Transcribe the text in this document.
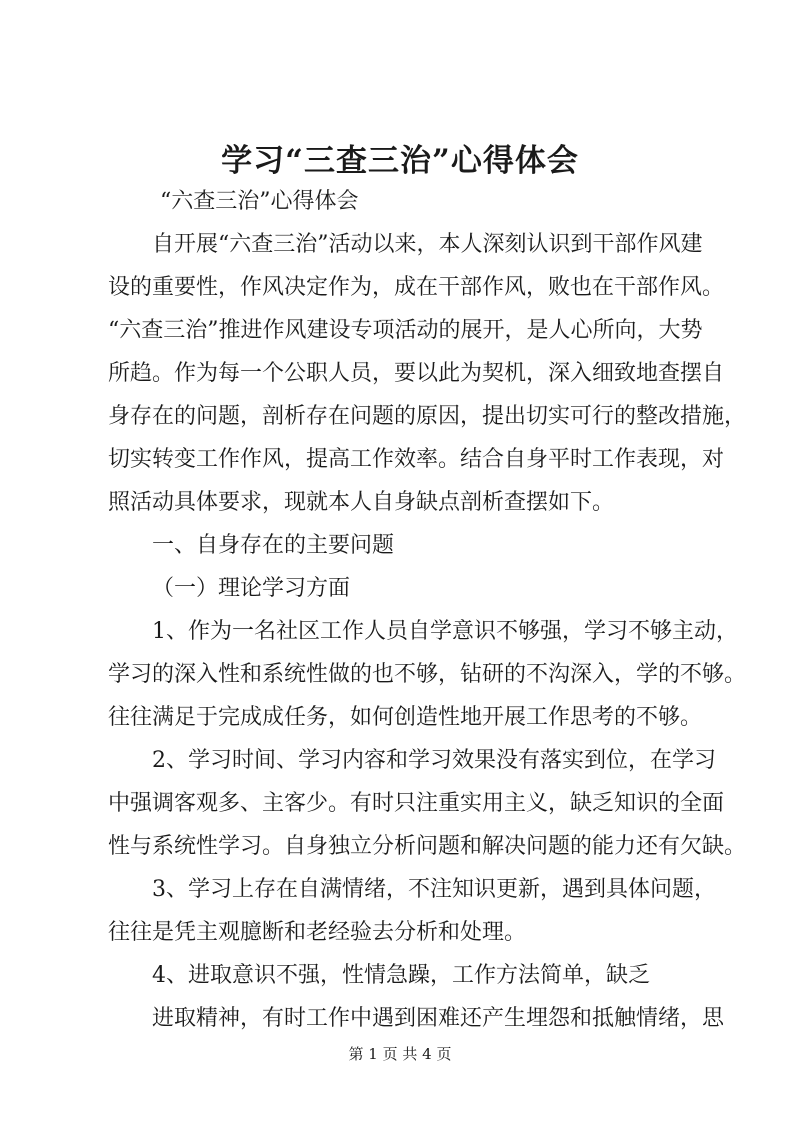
学习“三查三治”心得体会

“六查三治”心得体会

自开展“六查三治”活动以来，本人深刻认识到干部作风建

设的重要性，作风决定作为，成在干部作风，败也在干部作风。

“六查三治”推进作风建设专项活动的展开，是人心所向，大势

所趋。作为每一个公职人员，要以此为契机，深入细致地查摆自

身存在的问题，剖析存在问题的原因，提出切实可行的整改措施，

切实转变工作作风，提高工作效率。结合自身平时工作表现，对

照活动具体要求，现就本人自身缺点剖析查摆如下。

一、自身存在的主要问题

（一）理论学习方面

1、作为一名社区工作人员自学意识不够强，学习不够主动，

学习的深入性和系统性做的也不够，钻研的不沟深入，学的不够。

往往满足于完成成任务，如何创造性地开展工作思考的不够。

2、学习时间、学习内容和学习效果没有落实到位，在学习

中强调客观多、主客少。有时只注重实用主义，缺乏知识的全面

性与系统性学习。自身独立分析问题和解决问题的能力还有欠缺。

3、学习上存在自满情绪，不注知识更新，遇到具体问题，

往往是凭主观臆断和老经验去分析和处理。

4、进取意识不强，性情急躁，工作方法简单，缺乏

进取精神，有时工作中遇到困难还产生埋怨和抵触情绪，思

第 1 页 共 4 页
